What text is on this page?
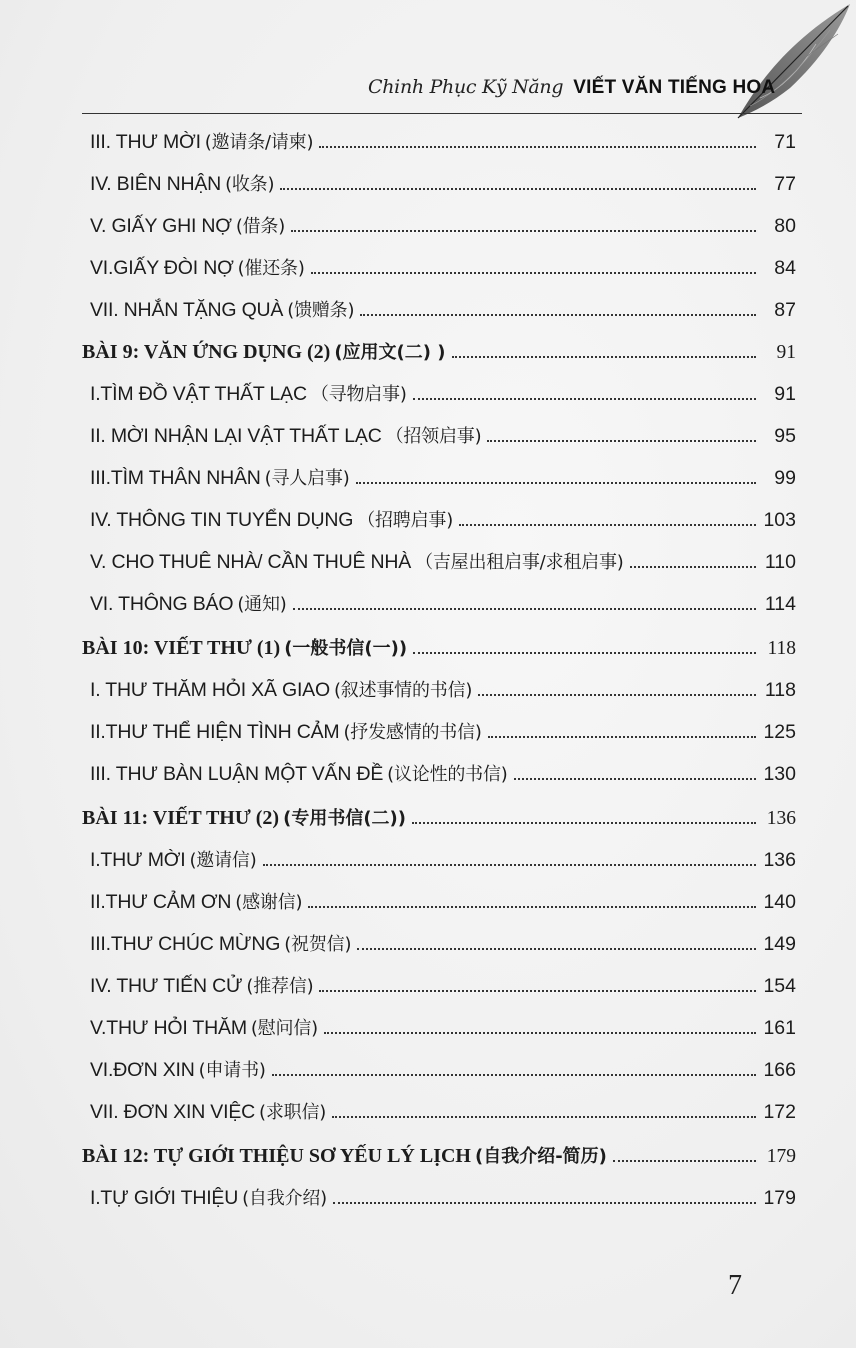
Chinh Phục Kỹ Năng VIẾT VĂN TIẾNG HOA
III. THƯ MỜI (邀请条/请柬)	71
IV. BIÊN NHẬN (收条)	77
V. GIẤY GHI NỢ (借条)	80
VI.GIẤY ĐÒI NỢ (催还条)	84
VII. NHẮN TẶNG QUÀ (馈赠条)	87
BÀI 9: VĂN ỨNG DỤNG (2) (应用文(二) )	91
I.TÌM ĐỒ VẬT THẤT LẠC （寻物启事)	91
II. MỜI NHẬN LẠI VẬT THẤT LẠC （招领启事)	95
III.TÌM THÂN NHÂN (寻人启事)	99
IV. THÔNG TIN TUYỂN DỤNG （招聘启事)	103
V. CHO THUÊ NHÀ/ CẦN THUÊ NHÀ （吉屋出租启事/求租启事)	110
VI. THÔNG BÁO (通知)	114
BÀI 10: VIẾT THƯ (1) (一般书信(一))	118
I. THƯ THĂM HỎI XÃ GIAO (叙述事情的书信)	118
II.THƯ THỂ HIỆN TÌNH CẢM (抒发感情的书信)	125
III. THƯ BÀN LUẬN MỘT VẤN ĐỀ (议论性的书信)	130
BÀI 11: VIẾT THƯ (2) (专用书信(二))	136
I.THƯ MỜI (邀请信)	136
II.THƯ CẢM ƠN (感谢信)	140
III.THƯ CHÚC MỪNG (祝贺信)	149
IV. THƯ TIẾN CỬ (推荐信)	154
V.THƯ HỎI THĂM (慰问信)	161
VI.ĐƠN XIN (申请书)	166
VII. ĐƠN XIN VIỆC (求职信)	172
BÀI 12: TỰ GIỚI THIỆU SƠ YẾU LÝ LỊCH (自我介绍-简历)	179
I.TỰ GIỚI THIỆU (自我介绍)	179
7
